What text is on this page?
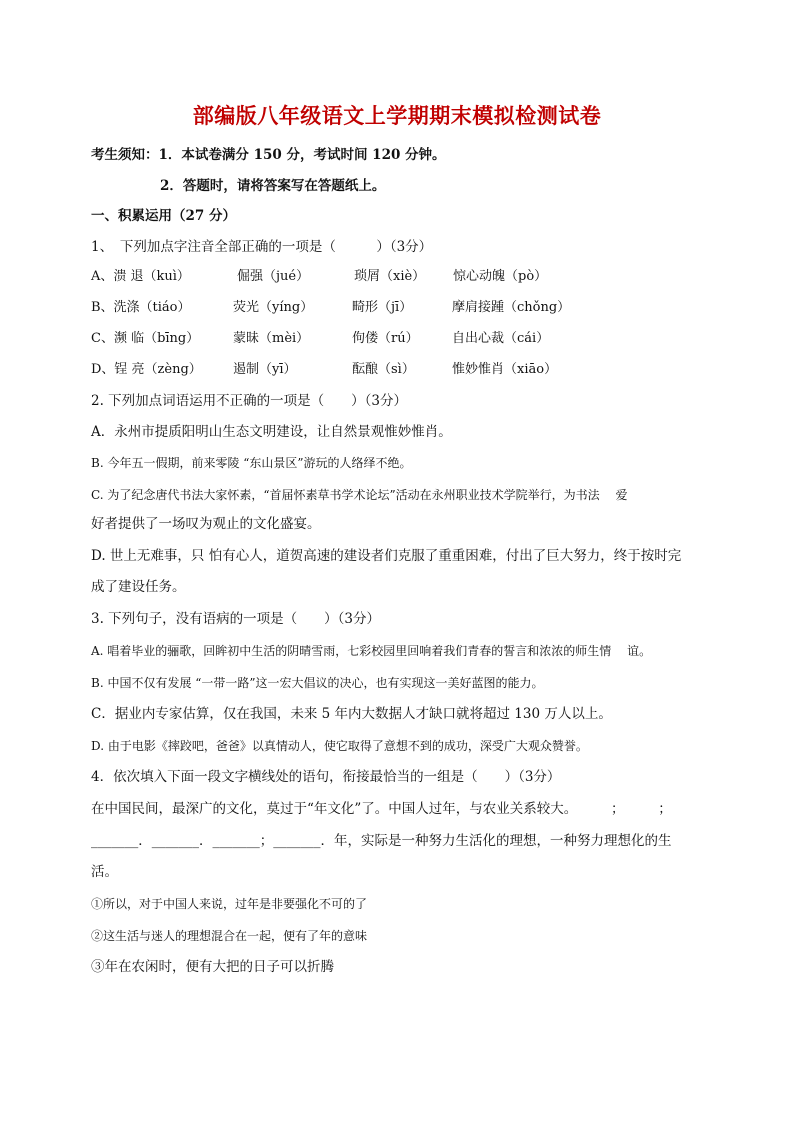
部编版八年级语文上学期期末模拟检测试卷
考生须知：1．本试卷满分 150 分，考试时间 120 分钟。
2．答题时，请将答案写在答题纸上。
一、积累运用（27 分）
1、　下列加点字注音全部正确的一项是（　　　）（3分）
A、溃 退（kuì）	倔强（jué）	琐屑（xiè） 惊心动魄（pò）
B、洗涤（tiáo）	荧光（yíng）	畸形（jī）	摩肩接踵（chǒng）
C、濒 临（bīng）	蒙昧（mèi）	佝偻（rú）	自出心裁（cái）
D、锃 亮（zèng） 遏制（yī）	酝酿（sì）	惟妙惟肖（xiāo）
2. 下列加点词语运用不正确的一项是（　　）（3分）
A．永州市提质阳明山生态文明建设，让自然景观惟妙惟肖。
B. 今年五一假期，前来零陵 “东山景区”游玩的人络绎不绝。
C. 为了纪念唐代书法大家怀素，“首届怀素草书学术论坛”活动在永州职业技术学院举行，为书法　 爱
好者提供了一场叹为观止的文化盛宴。
D. 世上无难事，只 怕有心人，道贺高速的建设者们克服了重重困难，付出了巨大努力，终于按时完
成了建设任务。
3. 下列句子，没有语病的一项是（　　）（3分）
A. 唱着毕业的骊歌，回眸初中生活的阴晴雪雨，七彩校园里回响着我们青春的誓言和浓浓的师生情　 谊。
B. 中国不仅有发展 “一带一路”这一宏大倡议的决心，也有实现这一美好蓝图的能力。
C．据业内专家估算，仅在我国，未来 5 年内大数据人才缺口就将超过 130 万人以上。
D. 由于电影《摔跤吧，爸爸》以真情动人，使它取得了意想不到的成功，深受广大观众赞誉。
4．依次填入下面一段文字横线处的语句，衔接最恰当的一组是（　　）（3分）
在中国民间，最深广的文化，莫过于“年文化”了。中国人过年，与农业关系较大。　　　；　　　；
_______．_______．_______；_______．年，实际是一种努力生活化的理想，一种努力理想化的生
活。
①所以，对于中国人来说，过年是非要强化不可的了
②这生活与迷人的理想混合在一起，便有了年的意味
③年在农闲时，便有大把的日子可以折腾
